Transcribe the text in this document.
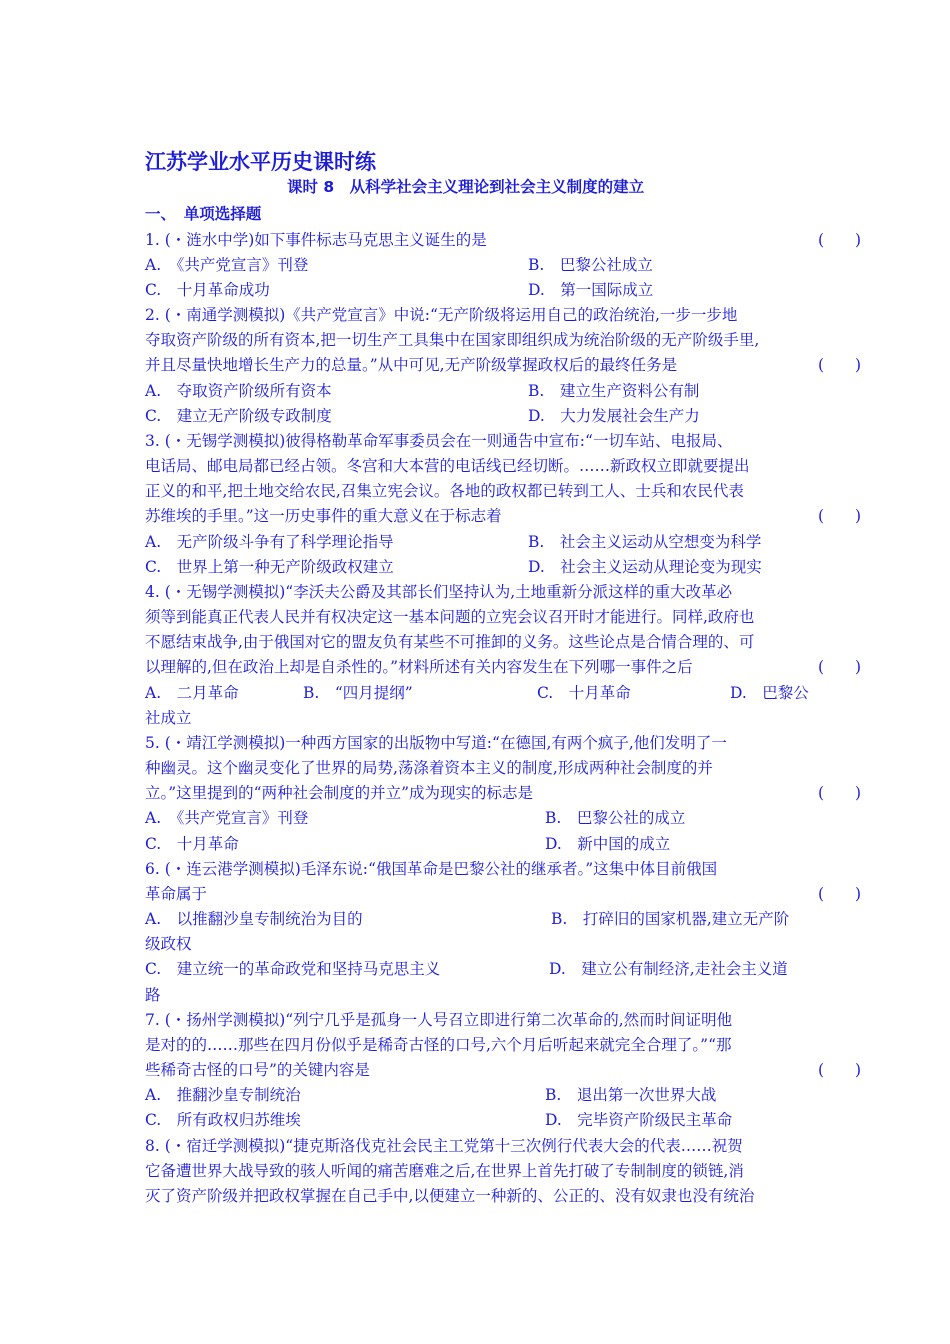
江苏学业水平历史课时练
课时 8　从科学社会主义理论到社会主义制度的建立
一、　单项选择题
1. (・涟水中学)如下事件标志马克思主义诞生的是	(　　)
A.　《共产党宣言》刊登	B.　巴黎公社成立
C.　十月革命成功	D.　第一国际成立
2. (・南通学测模拟)《共产党宣言》中说:“无产阶级将运用自己的政治统治,一步一步地
夺取资产阶级的所有资本,把一切生产工具集中在国家即组织成为统治阶级的无产阶级手里,
并且尽量快地增长生产力的总量。”从中可见,无产阶级掌握政权后的最终任务是	(　　)
A.　夺取资产阶级所有资本	B.　建立生产资料公有制
C.　建立无产阶级专政制度	D.　大力发展社会生产力
3. (・无锡学测模拟)彼得格勒革命军事委员会在一则通告中宣布:“一切车站、电报局、
电话局、邮电局都已经占领。冬宫和大本营的电话线已经切断。……新政权立即就要提出
正义的和平,把土地交给农民,召集立宪会议。各地的政权都已转到工人、士兵和农民代表
苏维埃的手里。”这一历史事件的重大意义在于标志着	(　　)
A.　无产阶级斗争有了科学理论指导	B.　社会主义运动从空想变为科学
C.　世界上第一种无产阶级政权建立	D.　社会主义运动从理论变为现实
4. (・无锡学测模拟)“李沃夫公爵及其部长们坚持认为,土地重新分派这样的重大改革必
须等到能真正代表人民并有权决定这一基本问题的立宪会议召开时才能进行。同样,政府也
不愿结束战争,由于俄国对它的盟友负有某些不可推卸的义务。这些论点是合情合理的、可
以理解的,但在政治上却是自杀性的。”材料所述有关内容发生在下列哪一事件之后	(　　)
A.　二月革命	B.　“四月提纲”	C.　十月革命	D.　巴黎公
社成立
5. (・靖江学测模拟)一种西方国家的出版物中写道:“在德国,有两个疯子,他们发明了一
种幽灵。这个幽灵变化了世界的局势,荡涤着资本主义的制度,形成两种社会制度的并
立。”这里提到的“两种社会制度的并立”成为现实的标志是	(　　)
A.　《共产党宣言》刊登	B.　巴黎公社的成立
C.　十月革命	D.　新中国的成立
6. (・连云港学测模拟)毛泽东说:“俄国革命是巴黎公社的继承者。”这集中体目前俄国
革命属于	(　　)
A.　以推翻沙皇专制统治为目的	B.　打碎旧的国家机器,建立无产阶
级政权
C.　建立统一的革命政党和坚持马克思主义	D.　建立公有制经济,走社会主义道
路
7. (・扬州学测模拟)“列宁几乎是孤身一人号召立即进行第二次革命的,然而时间证明他
是对的的……那些在四月份似乎是稀奇古怪的口号,六个月后听起来就完全合理了。”“那
些稀奇古怪的口号”的关键内容是	(　　)
A.　推翻沙皇专制统治	B.　退出第一次世界大战
C.　所有政权归苏维埃	D.　完毕资产阶级民主革命
8. (・宿迁学测模拟)“捷克斯洛伐克社会民主工党第十三次例行代表大会的代表……祝贺
它备遭世界大战导致的骇人听闻的痛苦磨难之后,在世界上首先打破了专制制度的锁链,消
灭了资产阶级并把政权掌握在自己手中,以便建立一种新的、公正的、没有奴隶也没有统治
